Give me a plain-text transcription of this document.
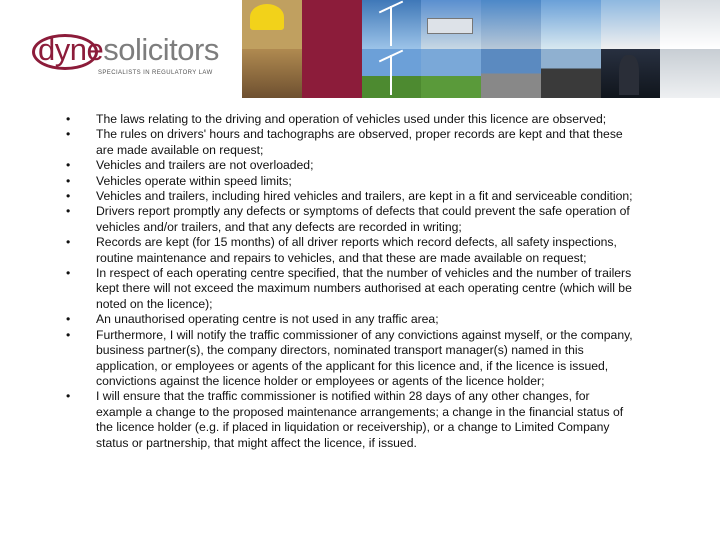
dynesolicitors
SPECIALISTS IN REGULATORY LAW
•	The laws relating to the driving and operation of vehicles used under this licence are observed;
•	The rules on drivers' hours and tachographs are observed, proper records are kept and that these are made available on request;
•	Vehicles and trailers are not overloaded;
•	Vehicles operate within speed limits;
•	Vehicles and trailers, including hired vehicles and trailers, are kept in a fit and serviceable condition;
•	Drivers report promptly any defects or symptoms of defects that could prevent the safe operation of vehicles and/or trailers, and that any defects are recorded in writing;
•	Records are kept (for 15 months) of all driver reports which record defects, all safety inspections, routine maintenance and repairs to vehicles, and that these are made available on request;
•	In respect of each operating centre specified, that the number of vehicles and the number of trailers kept there will not exceed the maximum numbers authorised at each operating centre (which will be noted on the licence);
•	An unauthorised operating centre is not used in any traffic area;
•	Furthermore, I will notify the traffic commissioner of any convictions against myself, or the company, business partner(s), the company directors, nominated transport manager(s) named in this application, or employees or agents of the applicant for this licence and, if the licence is issued, convictions against the licence holder or employees or agents of the licence holder;
•	I will ensure that the traffic commissioner is notified within 28 days of any other changes, for example a change to the proposed maintenance arrangements; a change in the financial status of the licence holder (e.g. if placed in liquidation or receivership), or a change to Limited Company status or partnership, that might affect the licence, if issued.
